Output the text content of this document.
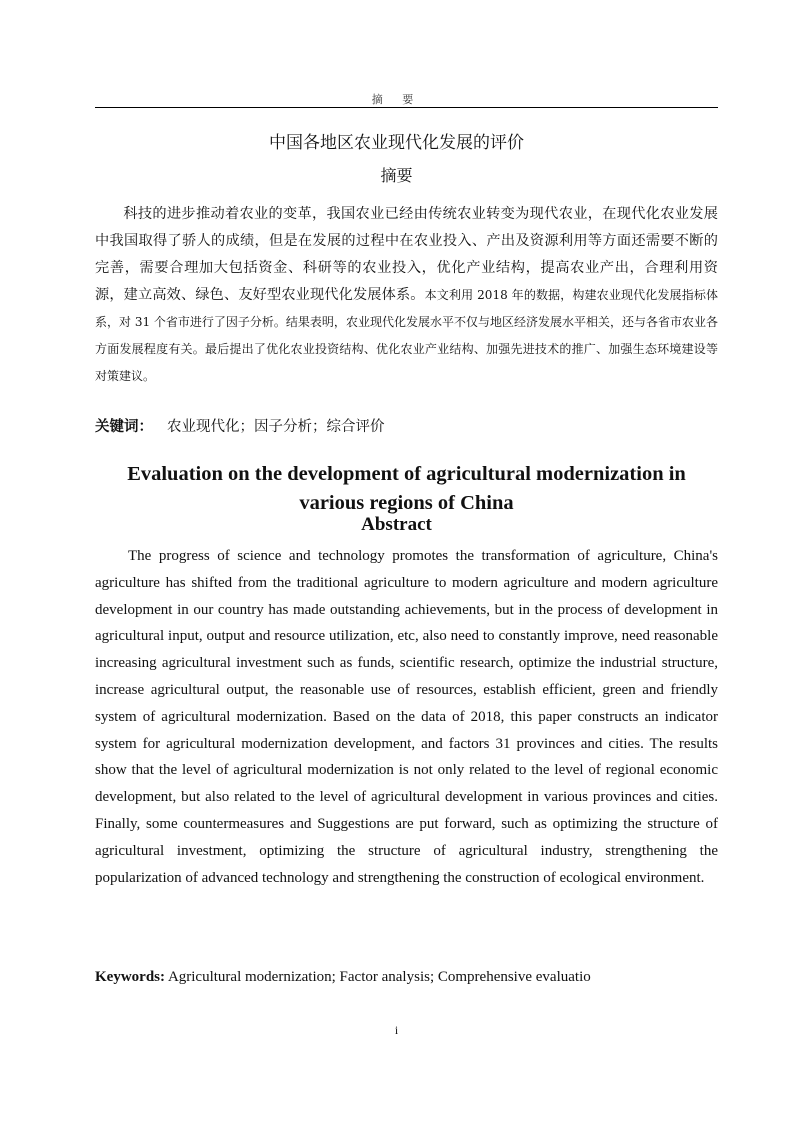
摘 要
中国各地区农业现代化发展的评价
摘要
科技的进步推动着农业的变革，我国农业已经由传统农业转变为现代农业，在现代化农业发展中我国取得了骄人的成绩，但是在发展的过程中在农业投入、产出及资源利用等方面还需要不断的完善，需要合理加大包括资金、科研等的农业投入，优化产业结构，提高农业产出，合理利用资源，建立高效、绿色、友好型农业现代化发展体系。本文利用 2018 年的数据，构建农业现代化发展指标体系，对 31 个省市进行了因子分析。结果表明，农业现代化发展水平不仅与地区经济发展水平相关，还与各省市农业各方面发展程度有关。最后提出了优化农业投资结构、优化农业产业结构、加强先进技术的推广、加强生态环境建设等对策建议。
关键词： 农业现代化；因子分析；综合评价
Evaluation on the development of agricultural modernization in various regions of China
Abstract
The progress of science and technology promotes the transformation of agriculture, China's agriculture has shifted from the traditional agriculture to modern agriculture and modern agriculture development in our country has made outstanding achievements, but in the process of development in agricultural input, output and resource utilization, etc, also need to constantly improve, need reasonable increasing agricultural investment such as funds, scientific research, optimize the industrial structure, increase agricultural output, the reasonable use of resources, establish efficient, green and friendly system of agricultural modernization. Based on the data of 2018, this paper constructs an indicator system for agricultural modernization development, and factors 31 provinces and cities. The results show that the level of agricultural modernization is not only related to the level of regional economic development, but also related to the level of agricultural development in various provinces and cities. Finally, some countermeasures and Suggestions are put forward, such as optimizing the structure of agricultural investment, optimizing the structure of agricultural industry, strengthening the popularization of advanced technology and strengthening the construction of ecological environment.
Keywords: Agricultural modernization; Factor analysis; Comprehensive evaluatio
i
